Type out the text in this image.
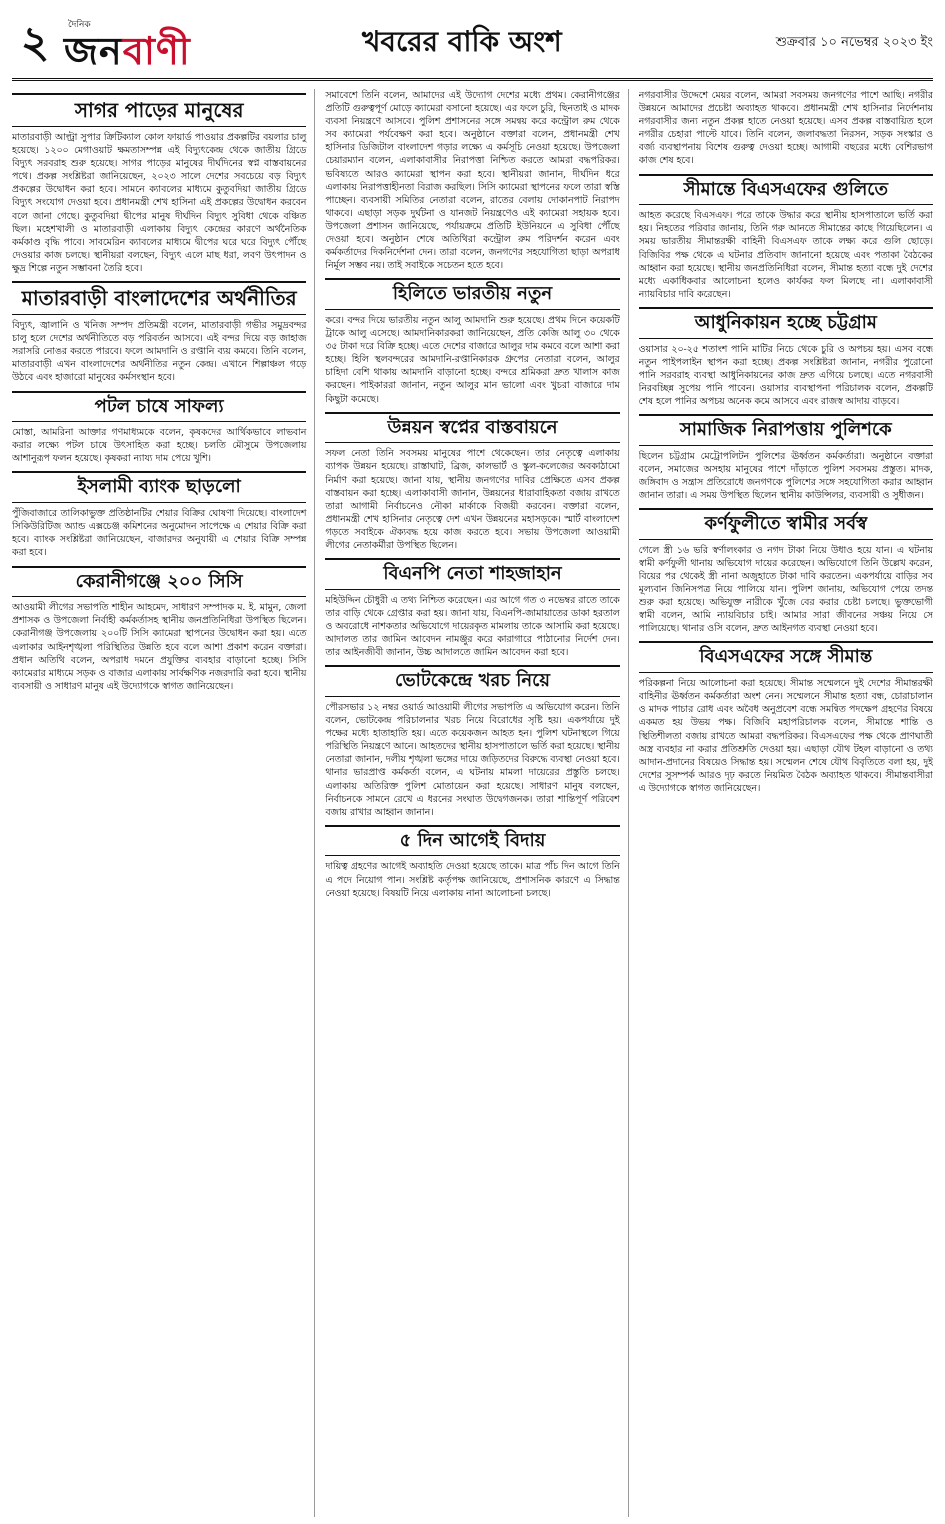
২	দৈনিক
জনবাণী	খবরের বাকি অংশ	শুক্রবার ১০ নভেম্বর ২০২৩ ইং
সাগর পাড়ের মানুষের

মাতারবাড়ী আল্ট্রা সুপার ক্রিটিক্যাল কোল ফায়ার্ড পাওয়ার প্রকল্পটির বয়লার চালু হয়েছে। ১২০০ মেগাওয়াট ক্ষমতাসম্পন্ন এই বিদ্যুৎকেন্দ্র থেকে জাতীয় গ্রিডে বিদ্যুৎ সরবরাহ শুরু হয়েছে। সাগর পাড়ের মানুষের দীর্ঘদিনের স্বপ্ন বাস্তবায়নের পথে। প্রকল্প সংশ্লিষ্টরা জানিয়েছেন, ২০২৩ সালে দেশের সবচেয়ে বড় বিদ্যুৎ প্রকল্পের উদ্বোধন করা হবে। সামনে ক্যাবলের মাধ্যমে কুতুবদিয়া জাতীয় গ্রিডে বিদ্যুৎ সংযোগ দেওয়া হবে। প্রধানমন্ত্রী শেখ হাসিনা এই প্রকল্পের উদ্বোধন করবেন বলে জানা গেছে। কুতুবদিয়া দ্বীপের মানুষ দীর্ঘদিন বিদ্যুৎ সুবিধা থেকে বঞ্চিত ছিল। মহেশখালী ও মাতারবাড়ী এলাকায় বিদ্যুৎ কেন্দ্রের কারণে অর্থনৈতিক কর্মকাণ্ড বৃদ্ধি পাবে। সাবমেরিন ক্যাবলের মাধ্যমে দ্বীপের ঘরে ঘরে বিদ্যুৎ পৌঁছে দেওয়ার কাজ চলছে। স্থানীয়রা বলছেন, বিদ্যুৎ এলে মাছ ধরা, লবণ উৎপাদন ও ক্ষুদ্র শিল্পে নতুন সম্ভাবনা তৈরি হবে।

মাতারবাড়ী বাংলাদেশের অর্থনীতির

বিদ্যুৎ, জ্বালানি ও খনিজ সম্পদ প্রতিমন্ত্রী বলেন, মাতারবাড়ী গভীর সমুদ্রবন্দর চালু হলে দেশের অর্থনীতিতে বড় পরিবর্তন আসবে। এই বন্দর দিয়ে বড় জাহাজ সরাসরি নোঙর করতে পারবে। ফলে আমদানি ও রপ্তানি ব্যয় কমবে। তিনি বলেন, মাতারবাড়ী এখন বাংলাদেশের অর্থনীতির নতুন কেন্দ্র। এখানে শিল্পাঞ্চল গড়ে উঠবে এবং হাজারো মানুষের কর্মসংস্থান হবে।

পটল চাষে সাফল্য

মোস্তা, আমরিনা আক্তার গণমাধ্যমকে বলেন, কৃষকদের আর্থিকভাবে লাভবান করার লক্ষ্যে পটল চাষে উৎসাহিত করা হচ্ছে। চলতি মৌসুমে উপজেলায় আশানুরূপ ফলন হয়েছে। কৃষকরা ন্যায্য দাম পেয়ে খুশি।

ইসলামী ব্যাংক ছাড়লো

পুঁজিবাজারে তালিকাভুক্ত প্রতিষ্ঠানটির শেয়ার বিক্রির ঘোষণা দিয়েছে। বাংলাদেশ সিকিউরিটিজ অ্যান্ড এক্সচেঞ্জ কমিশনের অনুমোদন সাপেক্ষে এ শেয়ার বিক্রি করা হবে। ব্যাংক সংশ্লিষ্টরা জানিয়েছেন, বাজারদর অনুযায়ী এ শেয়ার বিক্রি সম্পন্ন করা হবে।

কেরানীগঞ্জে ২০০ সিসি

আওয়ামী লীগের সভাপতি শাহীন আহমেদ, সাধারণ সম্পাদক ম. ই. মামুন, জেলা প্রশাসক ও উপজেলা নির্বাহী কর্মকর্তাসহ স্থানীয় জনপ্রতিনিধিরা উপস্থিত ছিলেন। কেরানীগঞ্জ উপজেলায় ২০০টি সিসি ক্যামেরা স্থাপনের উদ্বোধন করা হয়। এতে এলাকার আইনশৃঙ্খলা পরিস্থিতির উন্নতি হবে বলে আশা প্রকাশ করেন বক্তারা। প্রধান অতিথি বলেন, অপরাধ দমনে প্রযুক্তির ব্যবহার বাড়ানো হচ্ছে। সিসি ক্যামেরার মাধ্যমে সড়ক ও বাজার এলাকায় সার্বক্ষণিক নজরদারি করা হবে। স্থানীয় ব্যবসায়ী ও সাধারণ মানুষ এই উদ্যোগকে স্বাগত জানিয়েছেন।

সমাবেশে তিনি বলেন, আমাদের এই উদ্যোগ দেশের মধ্যে প্রথম। কেরানীগঞ্জের প্রতিটি গুরুত্বপূর্ণ মোড়ে ক্যামেরা বসানো হয়েছে। এর ফলে চুরি, ছিনতাই ও মাদক ব্যবসা নিয়ন্ত্রণে আসবে। পুলিশ প্রশাসনের সঙ্গে সমন্বয় করে কন্ট্রোল রুম থেকে সব ক্যামেরা পর্যবেক্ষণ করা হবে। অনুষ্ঠানে বক্তারা বলেন, প্রধানমন্ত্রী শেখ হাসিনার ডিজিটাল বাংলাদেশ গড়ার লক্ষ্যে এ কর্মসূচি নেওয়া হয়েছে। উপজেলা চেয়ারম্যান বলেন, এলাকাবাসীর নিরাপত্তা নিশ্চিত করতে আমরা বদ্ধপরিকর। ভবিষ্যতে আরও ক্যামেরা স্থাপন করা হবে। স্থানীয়রা জানান, দীর্ঘদিন ধরে এলাকায় নিরাপত্তাহীনতা বিরাজ করছিল। সিসি ক্যামেরা স্থাপনের ফলে তারা স্বস্তি পাচ্ছেন। ব্যবসায়ী সমিতির নেতারা বলেন, রাতের বেলায় দোকানপাট নিরাপদ থাকবে। এছাড়া সড়ক দুর্ঘটনা ও যানজট নিয়ন্ত্রণেও এই ক্যামেরা সহায়ক হবে। উপজেলা প্রশাসন জানিয়েছে, পর্যায়ক্রমে প্রতিটি ইউনিয়নে এ সুবিধা পৌঁছে দেওয়া হবে। অনুষ্ঠান শেষে অতিথিরা কন্ট্রোল রুম পরিদর্শন করেন এবং কর্মকর্তাদের দিকনির্দেশনা দেন। তারা বলেন, জনগণের সহযোগিতা ছাড়া অপরাধ নির্মূল সম্ভব নয়। তাই সবাইকে সচেতন হতে হবে।

হিলিতে ভারতীয় নতুন

করে। বন্দর দিয়ে ভারতীয় নতুন আলু আমদানি শুরু হয়েছে। প্রথম দিনে কয়েকটি ট্রাকে আলু এসেছে। আমদানিকারকরা জানিয়েছেন, প্রতি কেজি আলু ৩০ থেকে ৩৫ টাকা দরে বিক্রি হচ্ছে। এতে দেশের বাজারে আলুর দাম কমবে বলে আশা করা হচ্ছে। হিলি স্থলবন্দরের আমদানি-রপ্তানিকারক গ্রুপের নেতারা বলেন, আলুর চাহিদা বেশি থাকায় আমদানি বাড়ানো হচ্ছে। বন্দরে শ্রমিকরা দ্রুত খালাস কাজ করছেন। পাইকাররা জানান, নতুন আলুর মান ভালো এবং খুচরা বাজারে দাম কিছুটা কমেছে।

উন্নয়ন স্বপ্নের বাস্তবায়নে

সফল নেতা তিনি সবসময় মানুষের পাশে থেকেছেন। তার নেতৃত্বে এলাকায় ব্যাপক উন্নয়ন হয়েছে। রাস্তাঘাট, ব্রিজ, কালভার্ট ও স্কুল-কলেজের অবকাঠামো নির্মাণ করা হয়েছে। জানা যায়, স্থানীয় জনগণের দাবির প্রেক্ষিতে এসব প্রকল্প বাস্তবায়ন করা হচ্ছে। এলাকাবাসী জানান, উন্নয়নের ধারাবাহিকতা বজায় রাখতে তারা আগামী নির্বাচনেও নৌকা মার্কাকে বিজয়ী করবেন। বক্তারা বলেন, প্রধানমন্ত্রী শেখ হাসিনার নেতৃত্বে দেশ এখন উন্নয়নের মহাসড়কে। স্মার্ট বাংলাদেশ গড়তে সবাইকে ঐক্যবদ্ধ হয়ে কাজ করতে হবে। সভায় উপজেলা আওয়ামী লীগের নেতাকর্মীরা উপস্থিত ছিলেন।

বিএনপি নেতা শাহজাহান

মহিউদ্দিন চৌধুরী এ তথ্য নিশ্চিত করেছেন। এর আগে গত ৩ নভেম্বর রাতে তাকে তার বাড়ি থেকে গ্রেপ্তার করা হয়। জানা যায়, বিএনপি-জামায়াতের ডাকা হরতাল ও অবরোধে নাশকতার অভিযোগে দায়েরকৃত মামলায় তাকে আসামি করা হয়েছে। আদালত তার জামিন আবেদন নামঞ্জুর করে কারাগারে পাঠানোর নির্দেশ দেন। তার আইনজীবী জানান, উচ্চ আদালতে জামিন আবেদন করা হবে।

ভোটকেন্দ্রে খরচ নিয়ে

পৌরসভার ১২ নম্বর ওয়ার্ড আওয়ামী লীগের সভাপতি এ অভিযোগ করেন। তিনি বলেন, ভোটকেন্দ্র পরিচালনার খরচ নিয়ে বিরোধের সৃষ্টি হয়। একপর্যায়ে দুই পক্ষের মধ্যে হাতাহাতি হয়। এতে কয়েকজন আহত হন। পুলিশ ঘটনাস্থলে গিয়ে পরিস্থিতি নিয়ন্ত্রণে আনে। আহতদের স্থানীয় হাসপাতালে ভর্তি করা হয়েছে। স্থানীয় নেতারা জানান, দলীয় শৃঙ্খলা ভঙ্গের দায়ে জড়িতদের বিরুদ্ধে ব্যবস্থা নেওয়া হবে। থানার ভারপ্রাপ্ত কর্মকর্তা বলেন, এ ঘটনায় মামলা দায়েরের প্রস্তুতি চলছে। এলাকায় অতিরিক্ত পুলিশ মোতায়েন করা হয়েছে। সাধারণ মানুষ বলছেন, নির্বাচনকে সামনে রেখে এ ধরনের সংঘাত উদ্বেগজনক। তারা শান্তিপূর্ণ পরিবেশ বজায় রাখার আহ্বান জানান।

৫ দিন আগেই বিদায়

দায়িত্ব গ্রহণের আগেই অব্যাহতি দেওয়া হয়েছে তাকে। মাত্র পাঁচ দিন আগে তিনি এ পদে নিয়োগ পান। সংশ্লিষ্ট কর্তৃপক্ষ জানিয়েছে, প্রশাসনিক কারণে এ সিদ্ধান্ত নেওয়া হয়েছে। বিষয়টি নিয়ে এলাকায় নানা আলোচনা চলছে।

নগরবাসীর উদ্দেশে মেয়র বলেন, আমরা সবসময় জনগণের পাশে আছি। নগরীর উন্নয়নে আমাদের প্রচেষ্টা অব্যাহত থাকবে। প্রধানমন্ত্রী শেখ হাসিনার নির্দেশনায় নগরবাসীর জন্য নতুন প্রকল্প হাতে নেওয়া হয়েছে। এসব প্রকল্প বাস্তবায়িত হলে নগরীর চেহারা পাল্টে যাবে। তিনি বলেন, জলাবদ্ধতা নিরসন, সড়ক সংস্কার ও বর্জ্য ব্যবস্থাপনায় বিশেষ গুরুত্ব দেওয়া হচ্ছে। আগামী বছরের মধ্যে বেশিরভাগ কাজ শেষ হবে।

সীমান্তে বিএসএফের গুলিতে

আহত করেছে বিএসএফ। পরে তাকে উদ্ধার করে স্থানীয় হাসপাতালে ভর্তি করা হয়। নিহতের পরিবার জানায়, তিনি গরু আনতে সীমান্তের কাছে গিয়েছিলেন। এ সময় ভারতীয় সীমান্তরক্ষী বাহিনী বিএসএফ তাকে লক্ষ্য করে গুলি ছোড়ে। বিজিবির পক্ষ থেকে এ ঘটনার প্রতিবাদ জানানো হয়েছে এবং পতাকা বৈঠকের আহ্বান করা হয়েছে। স্থানীয় জনপ্রতিনিধিরা বলেন, সীমান্ত হত্যা বন্ধে দুই দেশের মধ্যে একাধিকবার আলোচনা হলেও কার্যকর ফল মিলছে না। এলাকাবাসী ন্যায়বিচার দাবি করেছেন।

আধুনিকায়ন হচ্ছে চট্টগ্রাম

ওয়াসার ২০-২৫ শতাংশ পানি মাটির নিচে থেকে চুরি ও অপচয় হয়। এসব বন্ধে নতুন পাইপলাইন স্থাপন করা হচ্ছে। প্রকল্প সংশ্লিষ্টরা জানান, নগরীর পুরোনো পানি সরবরাহ ব্যবস্থা আধুনিকায়নের কাজ দ্রুত এগিয়ে চলছে। এতে নগরবাসী নিরবচ্ছিন্ন সুপেয় পানি পাবেন। ওয়াসার ব্যবস্থাপনা পরিচালক বলেন, প্রকল্পটি শেষ হলে পানির অপচয় অনেক কমে আসবে এবং রাজস্ব আদায় বাড়বে।

সামাজিক নিরাপত্তায় পুলিশকে

ছিলেন চট্টগ্রাম মেট্রোপলিটন পুলিশের ঊর্ধ্বতন কর্মকর্তারা। অনুষ্ঠানে বক্তারা বলেন, সমাজের অসহায় মানুষের পাশে দাঁড়াতে পুলিশ সবসময় প্রস্তুত। মাদক, জঙ্গিবাদ ও সন্ত্রাস প্রতিরোধে জনগণকে পুলিশের সঙ্গে সহযোগিতা করার আহ্বান জানান তারা। এ সময় উপস্থিত ছিলেন স্থানীয় কাউন্সিলর, ব্যবসায়ী ও সুধীজন।

কর্ণফুলীতে স্বামীর সর্বস্ব

গেলে স্ত্রী ১৬ ভরি স্বর্ণালংকার ও নগদ টাকা নিয়ে উধাও হয়ে যান। এ ঘটনায় স্বামী কর্ণফুলী থানায় অভিযোগ দায়ের করেছেন। অভিযোগে তিনি উল্লেখ করেন, বিয়ের পর থেকেই স্ত্রী নানা অজুহাতে টাকা দাবি করতেন। একপর্যায়ে বাড়ির সব মূল্যবান জিনিসপত্র নিয়ে পালিয়ে যান। পুলিশ জানায়, অভিযোগ পেয়ে তদন্ত শুরু করা হয়েছে। অভিযুক্ত নারীকে খুঁজে বের করার চেষ্টা চলছে। ভুক্তভোগী স্বামী বলেন, আমি ন্যায়বিচার চাই। আমার সারা জীবনের সঞ্চয় নিয়ে সে পালিয়েছে। থানার ওসি বলেন, দ্রুত আইনগত ব্যবস্থা নেওয়া হবে।

বিএসএফের সঙ্গে সীমান্ত

পরিকল্পনা নিয়ে আলোচনা করা হয়েছে। সীমান্ত সম্মেলনে দুই দেশের সীমান্তরক্ষী বাহিনীর ঊর্ধ্বতন কর্মকর্তারা অংশ নেন। সম্মেলনে সীমান্ত হত্যা বন্ধ, চোরাচালান ও মাদক পাচার রোধ এবং অবৈধ অনুপ্রবেশ বন্ধে সমন্বিত পদক্ষেপ গ্রহণের বিষয়ে একমত হয় উভয় পক্ষ। বিজিবি মহাপরিচালক বলেন, সীমান্তে শান্তি ও স্থিতিশীলতা বজায় রাখতে আমরা বদ্ধপরিকর। বিএসএফের পক্ষ থেকে প্রাণঘাতী অস্ত্র ব্যবহার না করার প্রতিশ্রুতি দেওয়া হয়। এছাড়া যৌথ টহল বাড়ানো ও তথ্য আদান-প্রদানের বিষয়েও সিদ্ধান্ত হয়। সম্মেলন শেষে যৌথ বিবৃতিতে বলা হয়, দুই দেশের সুসম্পর্ক আরও দৃঢ় করতে নিয়মিত বৈঠক অব্যাহত থাকবে। সীমান্তবাসীরা এ উদ্যোগকে স্বাগত জানিয়েছেন।
